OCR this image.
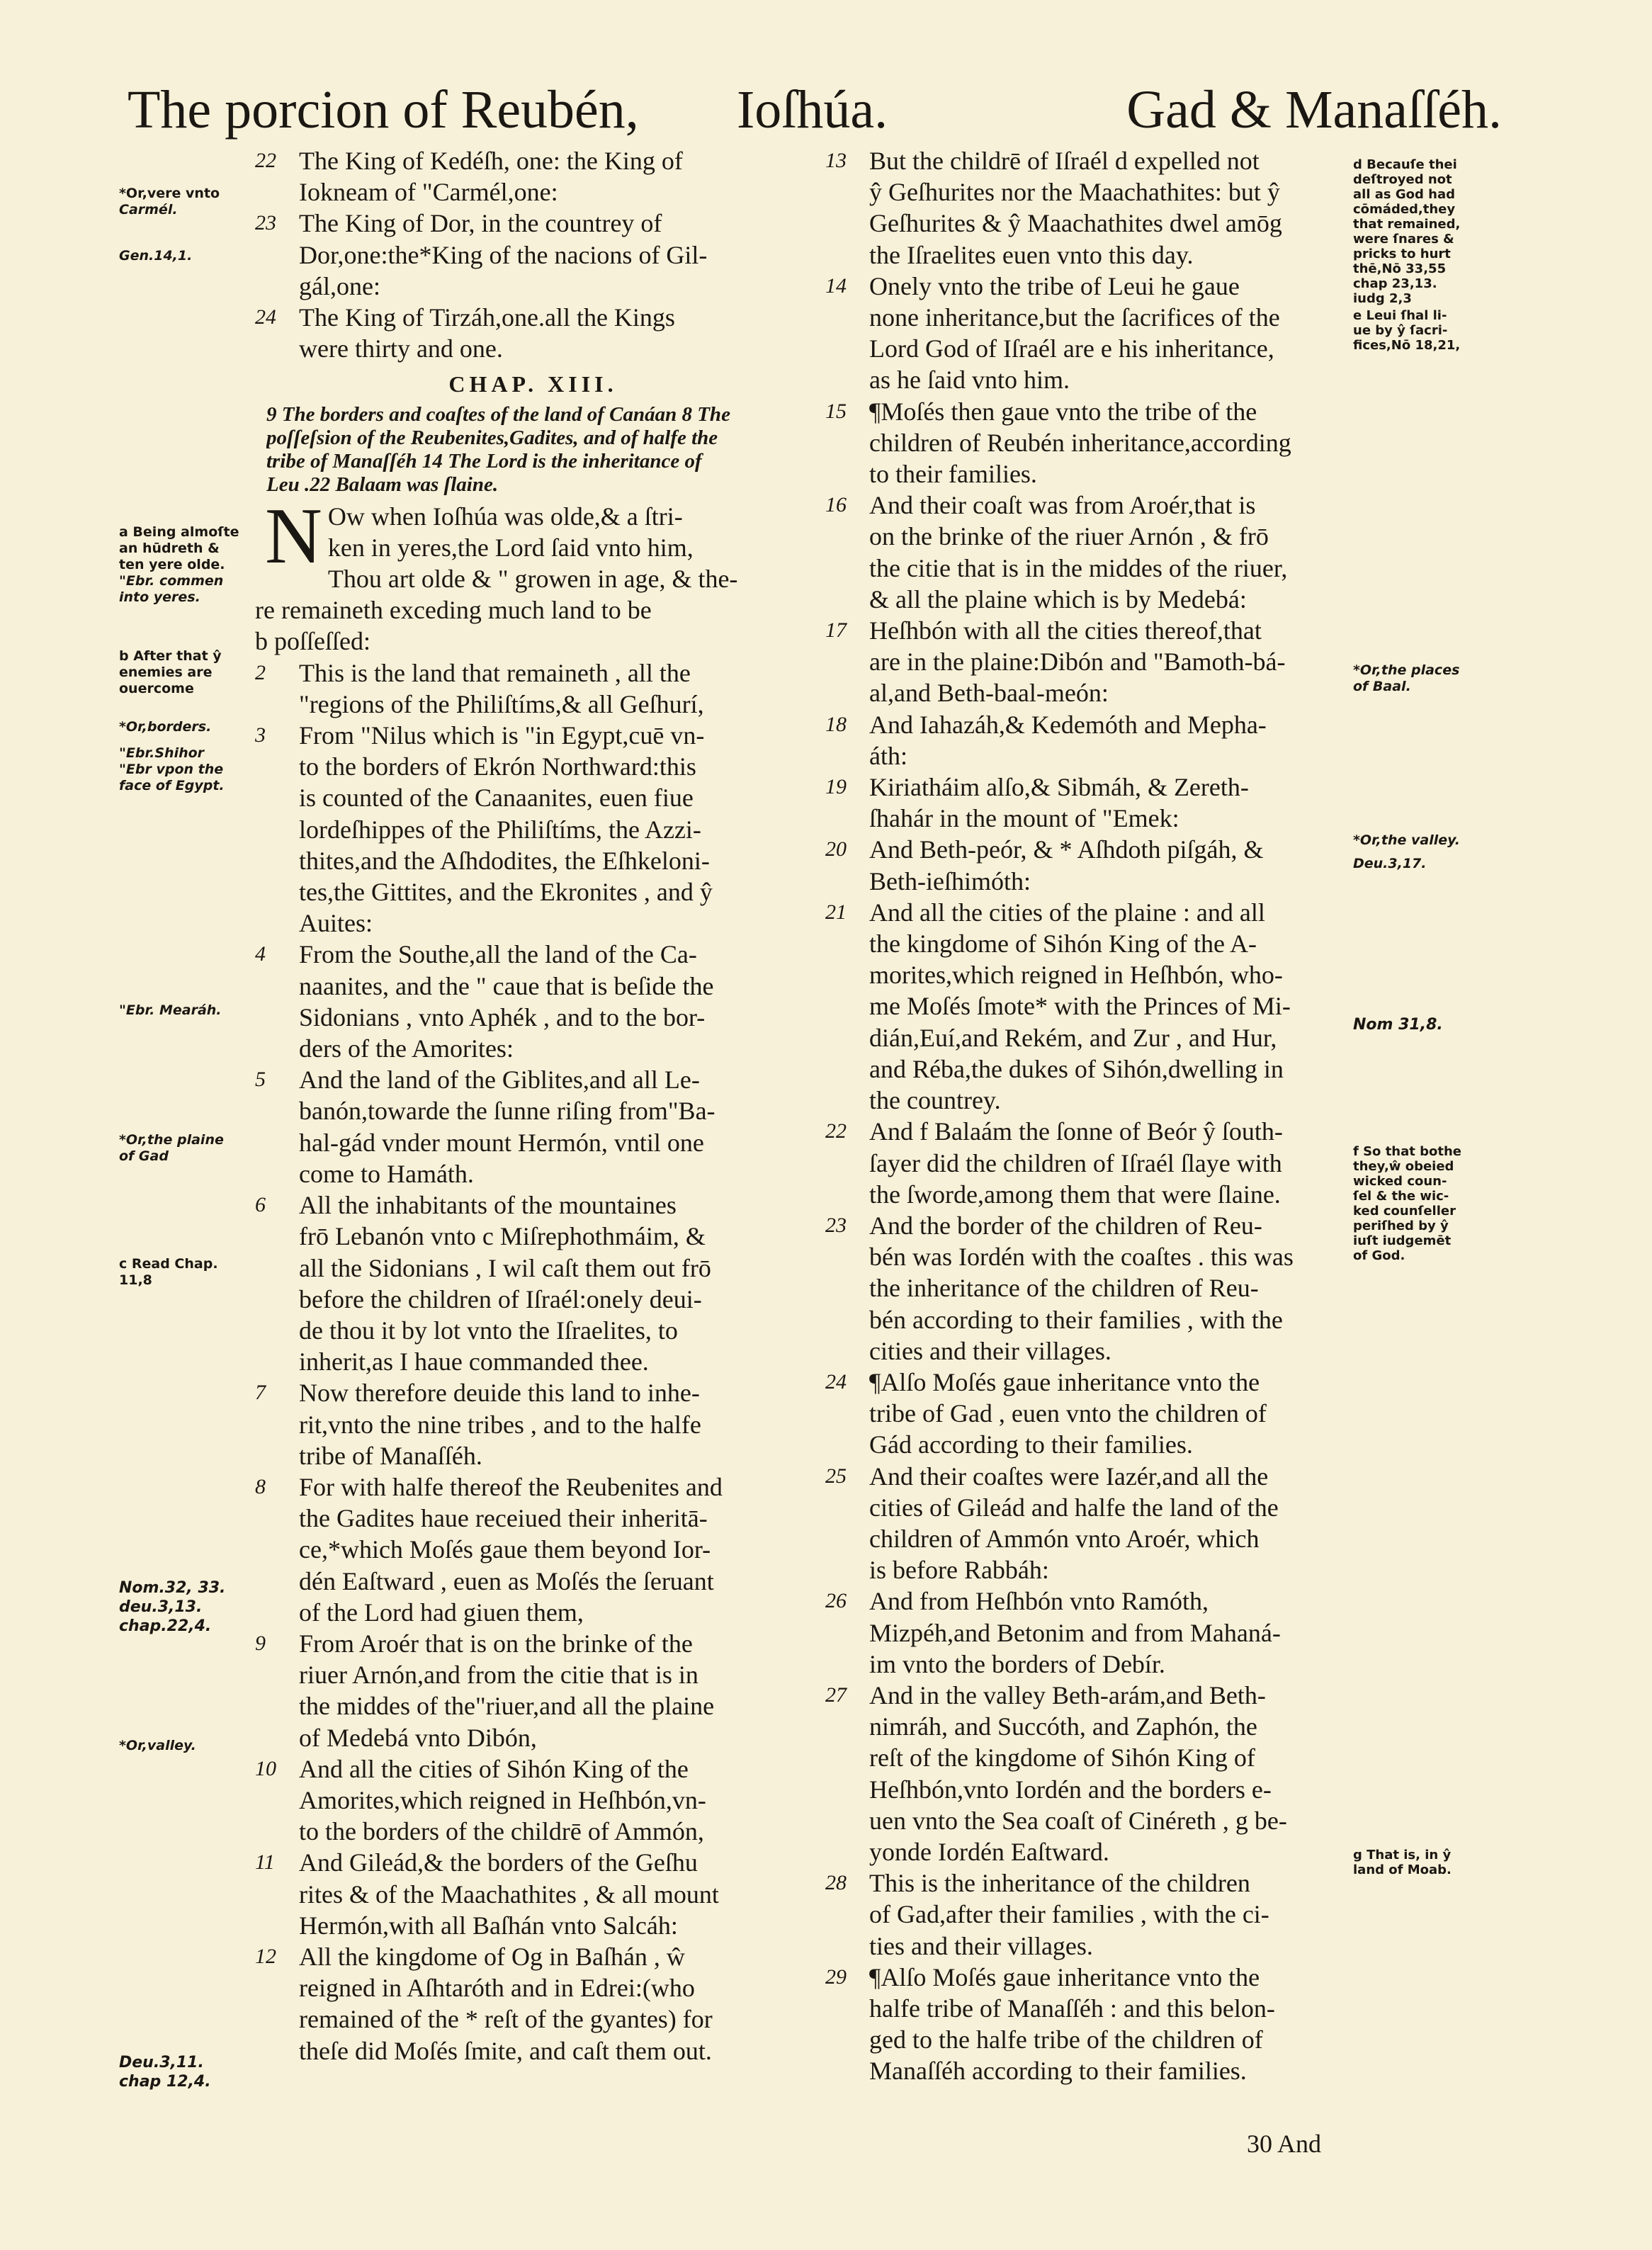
The porcion of Reubén, Ioſhúa.	Gad & Manaſſéh.
*Or,vere vnto
Carmél.
Gen.14,1.
a Being almoſte
an hūdreth &
ten yere olde.
"Ebr. commen
into yeres.
b After that ŷ
enemies are
ouercome
*Or,borders.
"Ebr.Shihor
"Ebr vpon the
face of Egypt.
"Ebr. Mearáh.
*Or,the plaine
of Gad
c Read Chap.
11,8
Nom.32, 33.
deu.3,13.
chap.22,4.
*Or,valley.
Deu.3,11.
chap 12,4.
d Becauſe thei
deſtroyed not
all as God had
cōmáded,they
that remained,
were ſnares &
pricks to hurt
thē,Nō 33,55
chap 23,13.
iudg 2,3
e Leui ſhal li-
ue by ŷ ſacri-
fices,Nō 18,21,
*Or,the places
of Baal.
*Or,the valley.
Deu.3,17.
Nom 31,8.
f So that bothe
they,ŵ obeied
wicked coun-
ſel & the wic-
ked counſeller
periſhed by ŷ
iuſt iudgemēt
of God.
g That is, in ŷ
land of Moab.
22 The King of Kedéſh, one: the King of
Iokneam of "Carmél,one:
23 The King of Dor, in the countrey of
Dor,one:the*King of the nacions of Gil-
gál,one:
24 The King of Tirzáh,one.all the Kings
were thirty and one.
CHAP. XIII.
9 The borders and coaſtes of the land of Canáan 8 The
poſſeſsion of the Reubenites,Gadites, and of halfe the
tribe of Manaſſéh 14 The Lord is the inheritance of
Leu .22 Balaam was ſlaine.
N Ow when Ioſhúa was olde,& a ſtri-
ken in yeres,the Lord ſaid vnto him,
Thou art olde & " growen in age, & the-
re remaineth exceding much land to be
b poſſeſſed:
2	This is the land that remaineth , all the
"regions of the Philiſtíms,& all Geſhurí,
3	From "Nilus which is "in Egypt,cuē vn-
to the borders of Ekrón Northward:this
is counted of the Canaanites, euen fiue
lordeſhippes of the Philiſtíms, the Azzi-
thites,and the Aſhdodites, the Eſhkeloni-
tes,the Gittites, and the Ekronites , and ŷ
Auites:
4	From the Southe,all the land of the Ca-
naanites, and the " caue that is beſide the
Sidonians , vnto Aphék , and to the bor-
ders of the Amorites:
5	And the land of the Giblites,and all Le-
banón,towarde the ſunne riſing from"Ba-
hal-gád vnder mount Hermón, vntil one
come to Hamáth.
6	All the inhabitants of the mountaines
frō Lebanón vnto c Miſrephothmáim, &
all the Sidonians , I wil caſt them out frō
before the children of Iſraél:onely deui-
de thou it by lot vnto the Iſraelites, to
inherit,as I haue commanded thee.
7	Now therefore deuide this land to inhe-
rit,vnto the nine tribes , and to the halfe
tribe of Manaſſéh.
8	For with halfe thereof the Reubenites and
the Gadites haue receiued their inheritā-
ce,*which Moſés gaue them beyond Ior-
dén Eaſtward , euen as Moſés the ſeruant
of the Lord had giuen them,
9	From Aroér that is on the brinke of the
riuer Arnón,and from the citie that is in
the middes of the"riuer,and all the plaine
of Medebá vnto Dibón,
10 And all the cities of Sihón King of the
Amorites,which reigned in Heſhbón,vn-
to the borders of the childrē of Ammón,
11 And Gileád,& the borders of the Geſhu
rites & of the Maachathites , & all mount
Hermón,with all Baſhán vnto Salcáh:
12 All the kingdome of Og in Baſhán , ŵ
reigned in Aſhtaróth and in Edrei:(who
remained of the * reſt of the gyantes) for
theſe did Moſés ſmite, and caſt them out.
13 But the childrē of Iſraél d expelled not
ŷ Geſhurites nor the Maachathites: but ŷ
Geſhurites & ŷ Maachathites dwel amōg
the Iſraelites euen vnto this day.
14 Onely vnto the tribe of Leui he gaue
none inheritance,but the ſacrifices of the
Lord God of Iſraél are e his inheritance,
as he ſaid vnto him.
15 ¶Moſés then gaue vnto the tribe of the
children of Reubén inheritance,according
to their families.
16 And their coaſt was from Aroér,that is
on the brinke of the riuer Arnón , & frō
the citie that is in the middes of the riuer,
& all the plaine which is by Medebá:
17 Heſhbón with all the cities thereof,that
are in the plaine:Dibón and "Bamoth-bá-
al,and Beth-baal-meón:
18 And Iahazáh,& Kedemóth and Mepha-
áth:
19 Kiriatháim alſo,& Sibmáh, & Zereth-
ſhahár in the mount of "Emek:
20 And Beth-peór, & * Aſhdoth piſgáh, &
Beth-ieſhimóth:
21 And all the cities of the plaine : and all
the kingdome of Sihón King of the A-
morites,which reigned in Heſhbón, who-
me Moſés ſmote* with the Princes of Mi-
dián,Euí,and Rekém, and Zur , and Hur,
and Réba,the dukes of Sihón,dwelling in
the countrey.
22 And f Balaám the ſonne of Beór ŷ ſouth-
ſayer did the children of Iſraél ſlaye with
the ſworde,among them that were ſlaine.
23 And the border of the children of Reu-
bén was Iordén with the coaſtes . this was
the inheritance of the children of Reu-
bén according to their families , with the
cities and their villages.
24 ¶Alſo Moſés gaue inheritance vnto the
tribe of Gad , euen vnto the children of
Gád according to their families.
25 And their coaſtes were Iazér,and all the
cities of Gileád and halfe the land of the
children of Ammón vnto Aroér, which
is before Rabbáh:
26 And from Heſhbón vnto Ramóth,
Mizpéh,and Betonim and from Mahaná-
im vnto the borders of Debír.
27 And in the valley Beth-arám,and Beth-
nimráh, and Succóth, and Zaphón, the
reſt of the kingdome of Sihón King of
Heſhbón,vnto Iordén and the borders e-
uen vnto the Sea coaſt of Cinéreth , g be-
yonde Iordén Eaſtward.
28 This is the inheritance of the children
of Gad,after their families , with the ci-
ties and their villages.
29 ¶Alſo Moſés gaue inheritance vnto the
halfe tribe of Manaſſéh : and this belon-
ged to the halfe tribe of the children of
Manaſſéh according to their families.
30 And
